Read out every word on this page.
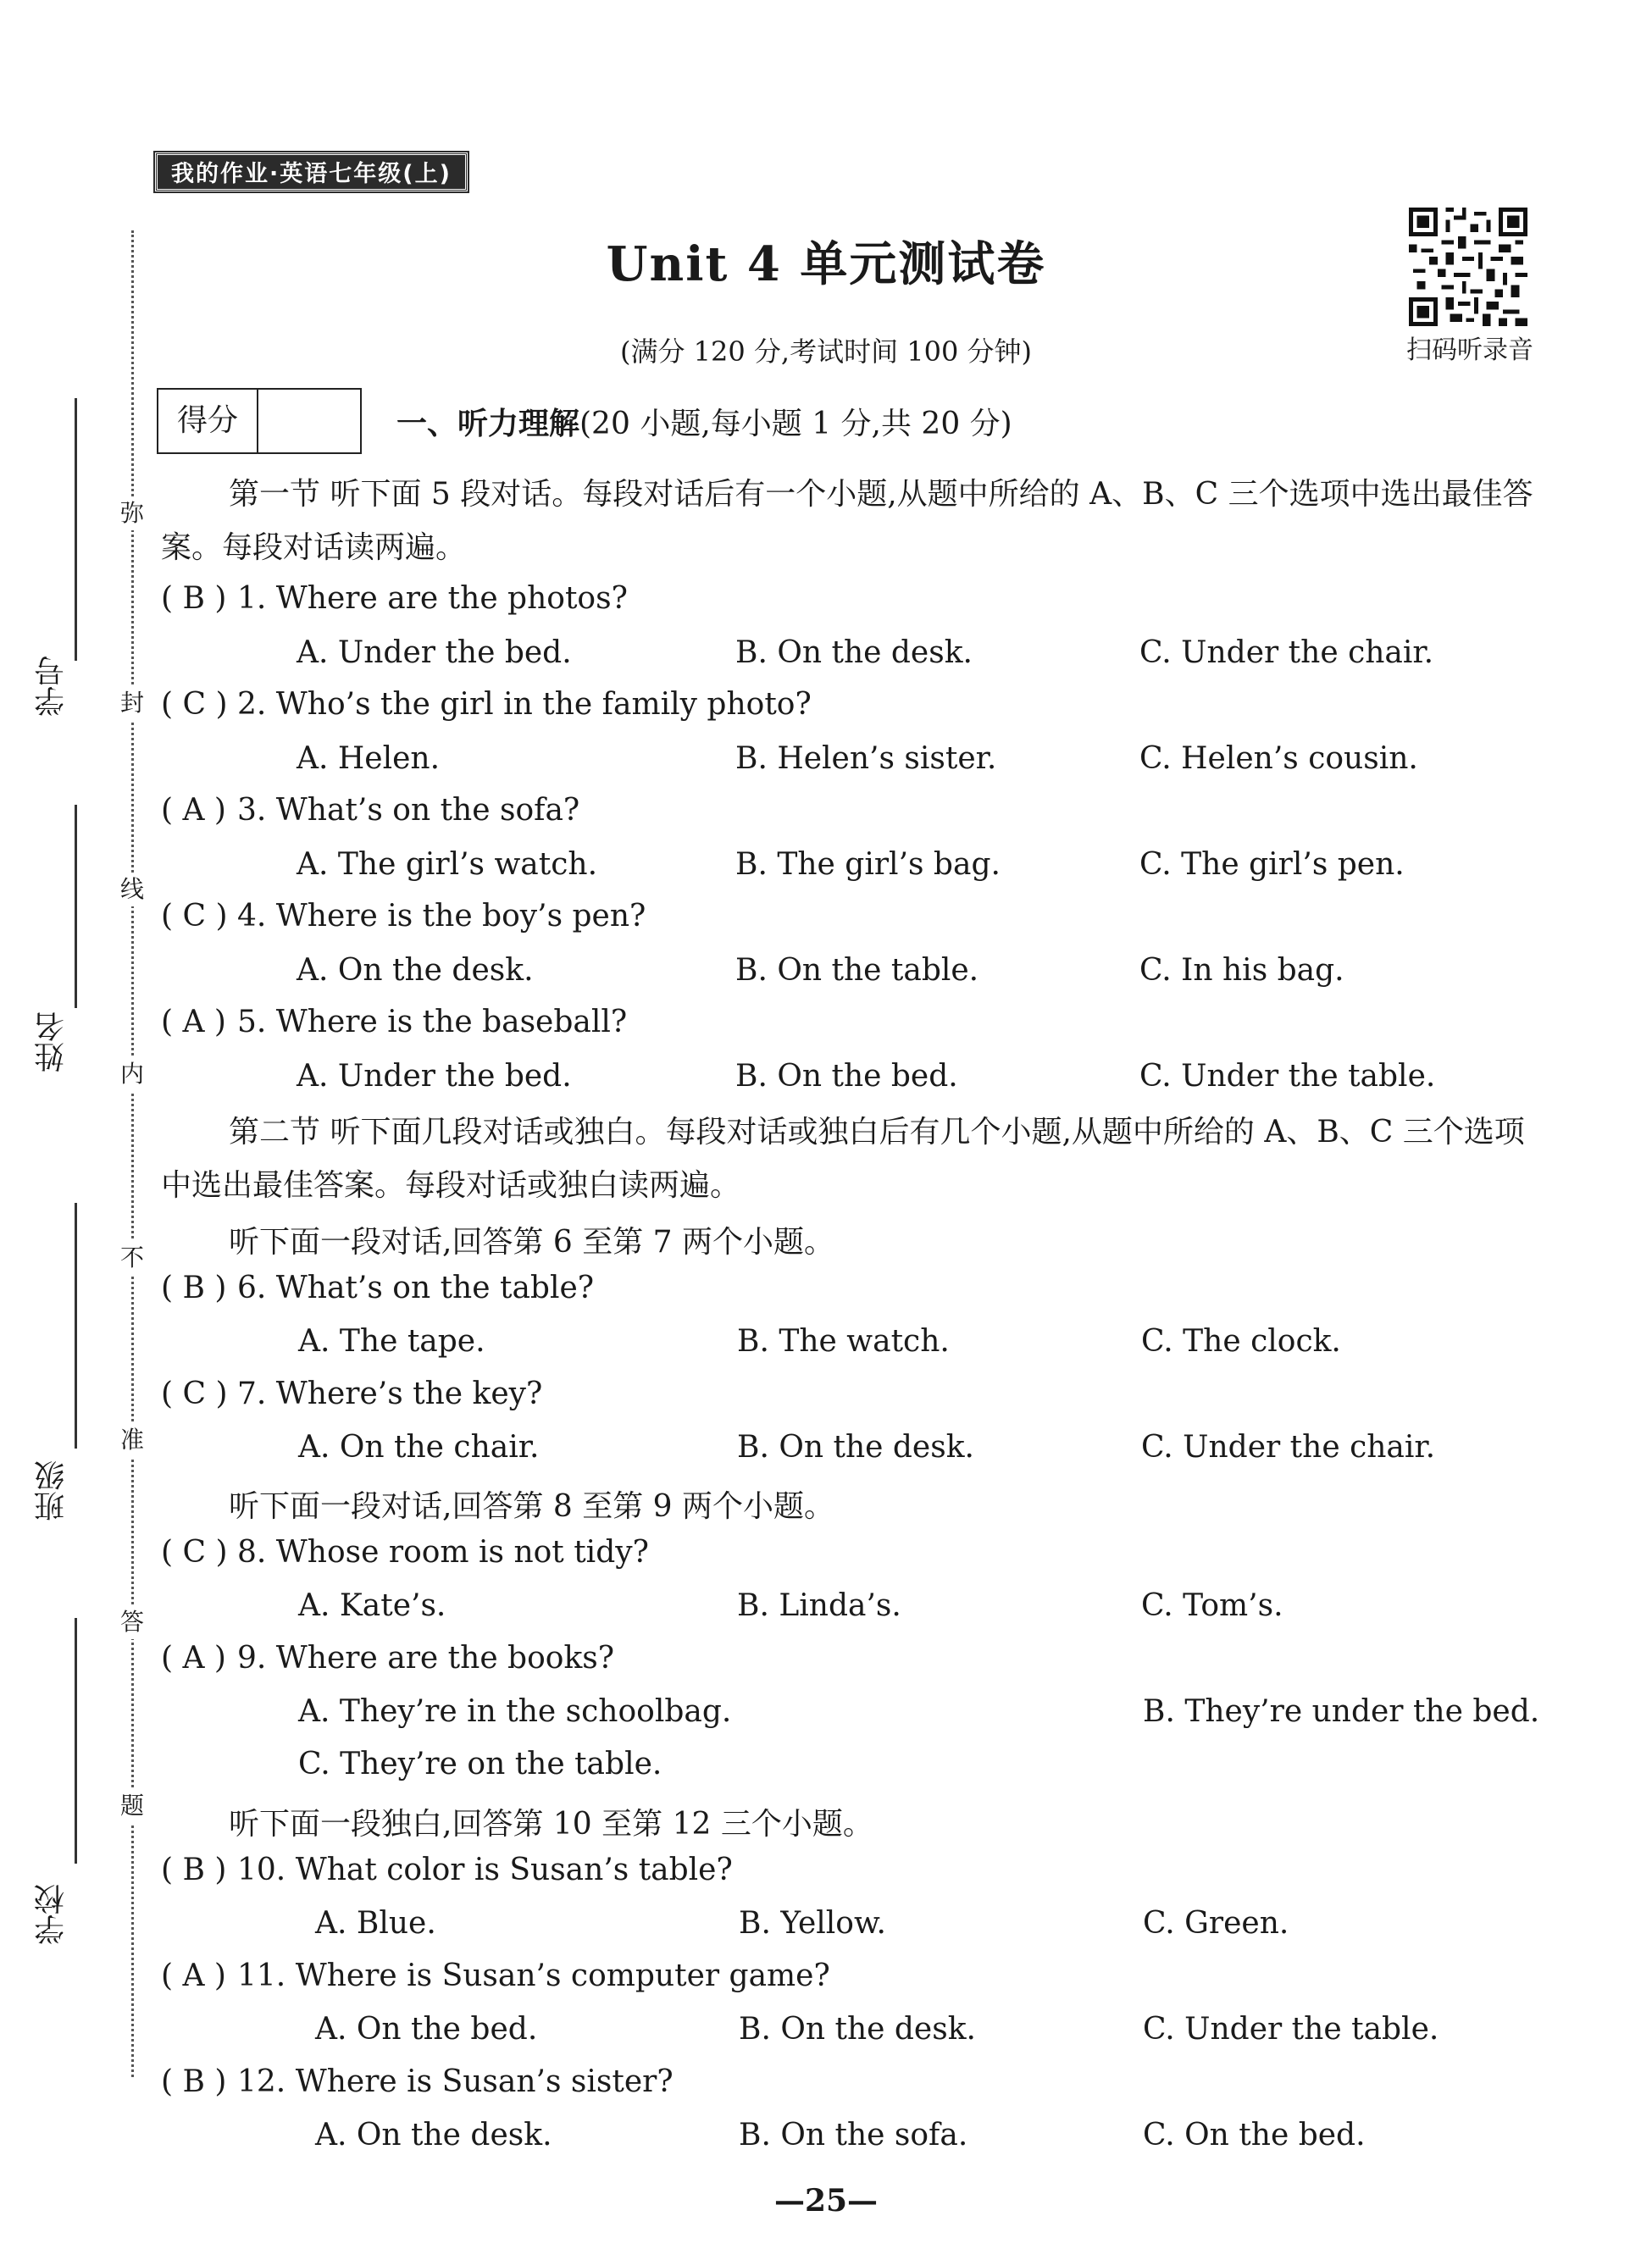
我的作业·英语七年级(上)
Unit 4 单元测试卷
(满分 120 分,考试时间 100 分钟)	扫码听录音
弥
封
线
内
不
准
答
题
学号
姓名
班级
学校
得分	一、听力理解(20 小题,每小题 1 分,共 20 分)
第一节 听下面 5 段对话。每段对话后有一个小题,从题中所给的 A、B、C 三个选项中选出最佳答案。每段对话读两遍。
( B ) 1. Where are the photos?
A. Under the bed.	B. On the desk.	C. Under the chair.
( C ) 2. Who’s the girl in the family photo?
A. Helen.	B. Helen’s sister.	C. Helen’s cousin.
( A ) 3. What’s on the sofa?
A. The girl’s watch.	B. The girl’s bag.	C. The girl’s pen.
( C ) 4. Where is the boy’s pen?
A. On the desk.	B. On the table.	C. In his bag.
( A ) 5. Where is the baseball?
A. Under the bed.	B. On the bed.	C. Under the table.
第二节 听下面几段对话或独白。每段对话或独白后有几个小题,从题中所给的 A、B、C 三个选项中选出最佳答案。每段对话或独白读两遍。
听下面一段对话,回答第 6 至第 7 两个小题。
( B ) 6. What’s on the table?
A. The tape.	B. The watch.	C. The clock.
( C ) 7. Where’s the key?
A. On the chair.	B. On the desk.	C. Under the chair.
听下面一段对话,回答第 8 至第 9 两个小题。
( C ) 8. Whose room is not tidy?
A. Kate’s.	B. Linda’s.	C. Tom’s.
( A ) 9. Where are the books?
A. They’re in the schoolbag.	B. They’re under the bed.
C. They’re on the table.
听下面一段独白,回答第 10 至第 12 三个小题。
( B ) 10. What color is Susan’s table?
A. Blue.	B. Yellow.	C. Green.
( A ) 11. Where is Susan’s computer game?
A. On the bed.	B. On the desk.	C. Under the table.
( B ) 12. Where is Susan’s sister?
A. On the desk.	B. On the sofa.	C. On the bed.
—25—
